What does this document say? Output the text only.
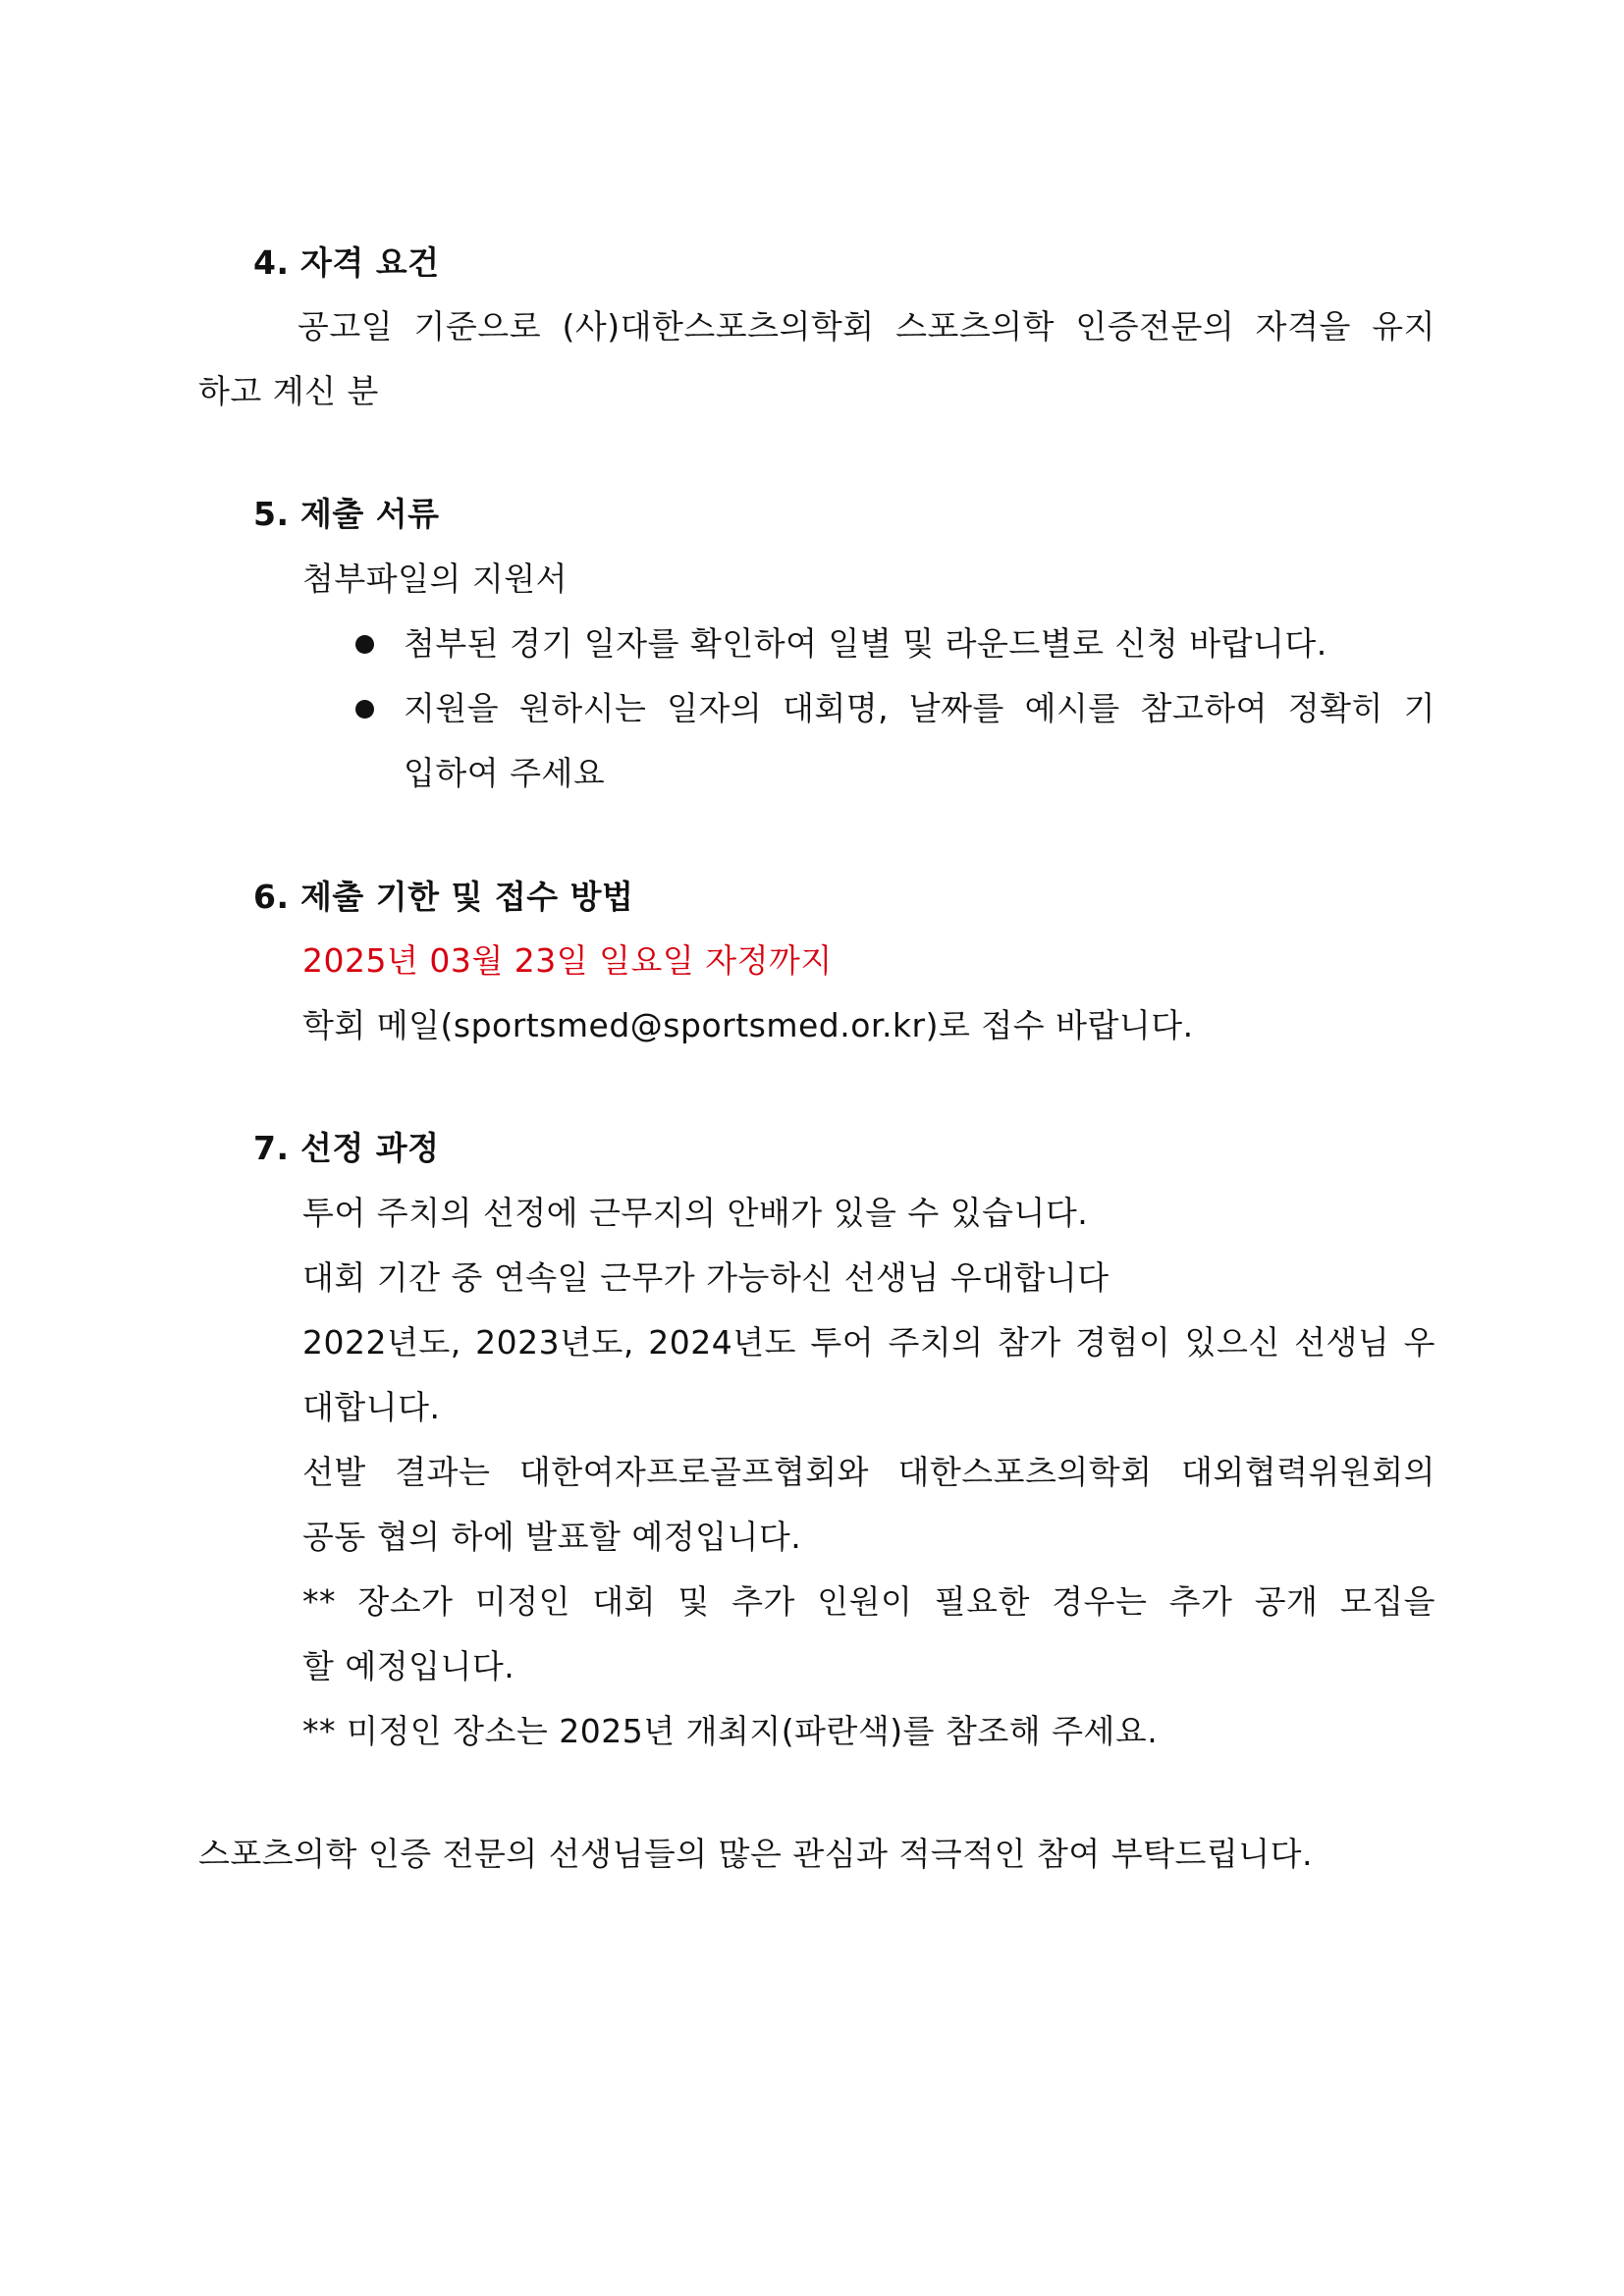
4. 자격 요건
공고일 기준으로 (사)대한스포츠의학회 스포츠의학 인증전문의 자격을 유지
하고 계신 분
5. 제출 서류
첨부파일의 지원서
첨부된 경기 일자를 확인하여 일별 및 라운드별로 신청 바랍니다.
지원을 원하시는 일자의 대회명, 날짜를 예시를 참고하여 정확히 기
입하여 주세요
6. 제출 기한 및 접수 방법
2025년 03월 23일 일요일 자정까지
학회 메일(sportsmed@sportsmed.or.kr)로 접수 바랍니다.
7. 선정 과정
투어 주치의 선정에 근무지의 안배가 있을 수 있습니다.
대회 기간 중 연속일 근무가 가능하신 선생님 우대합니다
2022년도, 2023년도, 2024년도 투어 주치의 참가 경험이 있으신 선생님 우
대합니다.
선발 결과는 대한여자프로골프협회와 대한스포츠의학회 대외협력위원회의
공동 협의 하에 발표할 예정입니다.
** 장소가 미정인 대회 및 추가 인원이 필요한 경우는 추가 공개 모집을
할 예정입니다.
** 미정인 장소는 2025년 개최지(파란색)를 참조해 주세요.
스포츠의학 인증 전문의 선생님들의 많은 관심과 적극적인 참여 부탁드립니다.
